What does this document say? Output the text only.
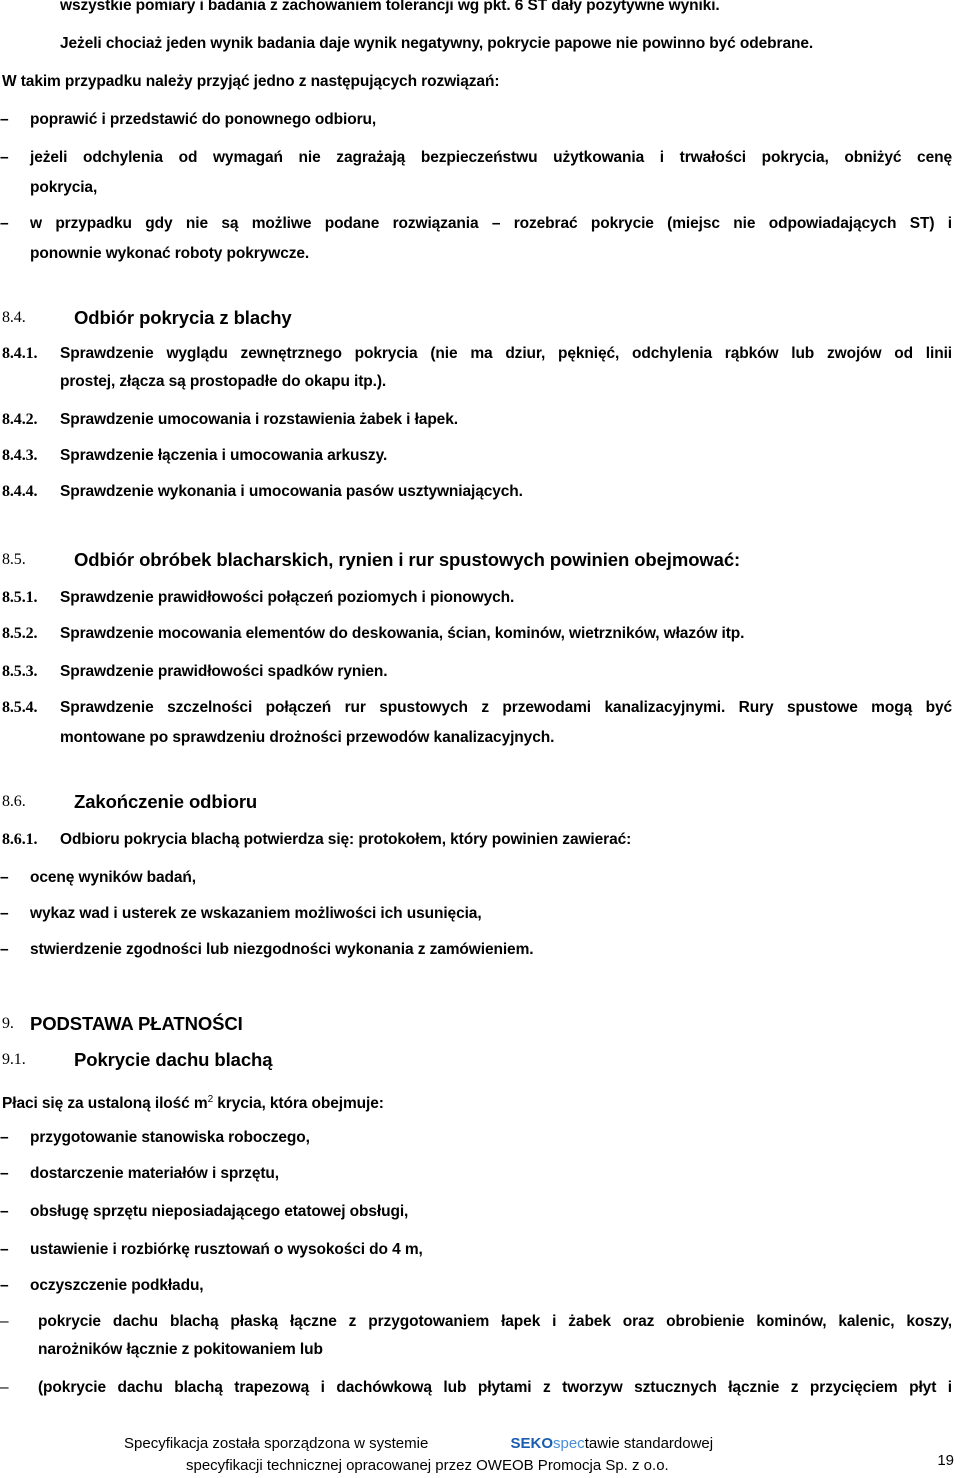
wszystkie pomiary i badania z zachowaniem tolerancji wg pkt. 6 ST dały pozytywne wyniki.
Jeżeli chociaż jeden wynik badania daje wynik negatywny, pokrycie papowe nie powinno być odebrane.
W takim przypadku należy przyjąć jedno z następujących rozwiązań:
– poprawić i przedstawić do ponownego odbioru,
– jeżeli odchylenia od wymagań nie zagrażają bezpieczeństwu użytkowania i trwałości pokrycia, obniżyć cenę
pokrycia,
– w przypadku gdy nie są możliwe podane rozwiązania – rozebrać pokrycie (miejsc nie odpowiadających ST) i
ponownie wykonać roboty pokrywcze.
8.4.	Odbiór pokrycia z blachy
8.4.1. Sprawdzenie wyglądu zewnętrznego pokrycia (nie ma dziur, pęknięć, odchylenia rąbków lub zwojów od linii
prostej, złącza są prostopadłe do okapu itp.).
8.4.2. Sprawdzenie umocowania i rozstawienia żabek i łapek.
8.4.3. Sprawdzenie łączenia i umocowania arkuszy.
8.4.4. Sprawdzenie wykonania i umocowania pasów usztywniających.
8.5.	Odbiór obróbek blacharskich, rynien i rur spustowych powinien obejmować:
8.5.1. Sprawdzenie prawidłowości połączeń poziomych i pionowych.
8.5.2. Sprawdzenie mocowania elementów do deskowania, ścian, kominów, wietrzników, włazów itp.
8.5.3. Sprawdzenie prawidłowości spadków rynien.
8.5.4. Sprawdzenie szczelności połączeń rur spustowych z przewodami kanalizacyjnymi. Rury spustowe mogą być
montowane po sprawdzeniu drożności przewodów kanalizacyjnych.
8.6.	Zakończenie odbioru
8.6.1. Odbioru pokrycia blachą potwierdza się: protokołem, który powinien zawierać:
– ocenę wyników badań,
– wykaz wad i usterek ze wskazaniem możliwości ich usunięcia,
– stwierdzenie zgodności lub niezgodności wykonania z zamówieniem.
9. PODSTAWA PŁATNOŚCI
9.1.	Pokrycie dachu blachą
Płaci się za ustaloną ilość $m^2$ krycia, która obejmuje:
– przygotowanie stanowiska roboczego,
– dostarczenie materiałów i sprzętu,
– obsługę sprzętu nieposiadającego etatowej obsługi,
– ustawienie i rozbiórkę rusztowań o wysokości do 4 m,
– oczyszczenie podkładu,
– pokrycie dachu blachą płaską łączne z przygotowaniem łapek i żabek oraz obrobienie kominów, kalenic, koszy,
narożników łącznie z pokitowaniem lub
– (pokrycie dachu blachą trapezową i dachówkową lub płytami z tworzyw sztucznych łącznie z przycięciem płyt i
Specyfikacja została sporządzona w systemie	SEKOspectawie standardowej
specyfikacji technicznej opracowanej przez OWEOB Promocja Sp. z o.o.	19
